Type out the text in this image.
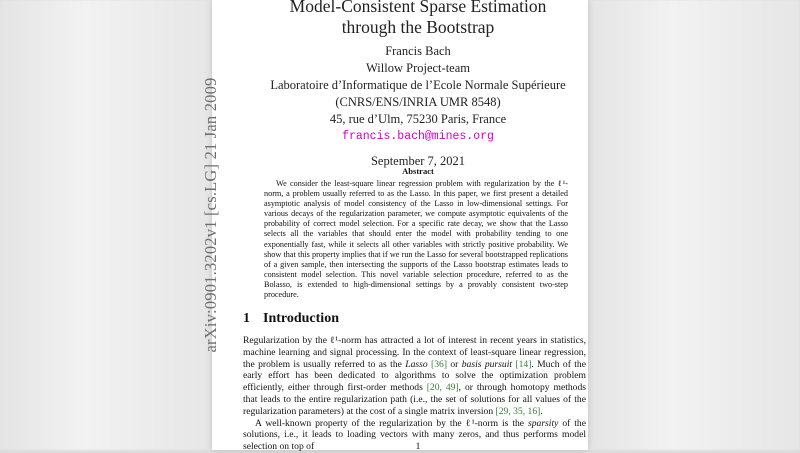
arXiv:0901.3202v1 [cs.LG] 21 Jan 2009
Model-Consistent Sparse Estimation
through the Bootstrap
Francis Bach
Willow Project-team
Laboratoire d’Informatique de l’Ecole Normale Supérieure
(CNRS/ENS/INRIA UMR 8548)
45, rue d’Ulm, 75230 Paris, France
francis.bach@mines.org
September 7, 2021
Abstract
We consider the least-square linear regression problem with regularization by the ℓ¹-norm, a problem usually referred to as the Lasso. In this paper, we first present a detailed asymptotic analysis of model consistency of the Lasso in low-dimensional settings. For various decays of the regularization parameter, we compute asymptotic equivalents of the probability of correct model selection. For a specific rate decay, we show that the Lasso selects all the variables that should enter the model with probability tending to one exponentially fast, while it selects all other variables with strictly positive probability. We show that this property implies that if we run the Lasso for several bootstrapped replications of a given sample, then intersecting the supports of the Lasso bootstrap estimates leads to consistent model selection. This novel variable selection procedure, referred to as the Bolasso, is extended to high-dimensional settings by a provably consistent two-step procedure.
1 Introduction

Regularization by the ℓ¹-norm has attracted a lot of interest in recent years in statistics, machine learning and signal processing. In the context of least-square linear regression, the problem is usually referred to as the Lasso [36] or basis pursuit [14]. Much of the early effort has been dedicated to algorithms to solve the optimization problem efficiently, either through first-order methods [20, 49], or through homotopy methods that leads to the entire regularization path (i.e., the set of solutions for all values of the regularization parameters) at the cost of a single matrix inversion [29, 35, 16].

A well-known property of the regularization by the ℓ¹-norm is the sparsity of the solutions, i.e., it leads to loading vectors with many zeros, and thus performs model selection on top of	1
